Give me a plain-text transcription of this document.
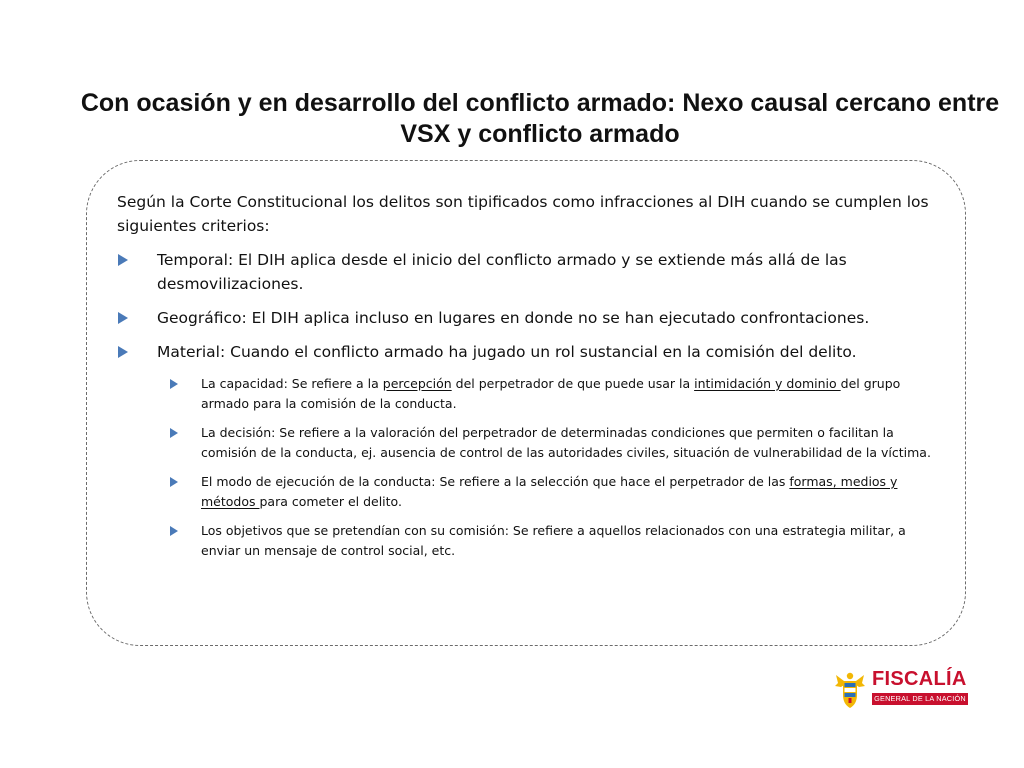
Con ocasión y en desarrollo del conflicto armado: Nexo causal cercano entre VSX y conflicto armado

Según la Corte Constitucional los delitos son tipificados como infracciones al DIH cuando se cumplen los siguientes criterios:

Temporal: El DIH aplica desde el inicio del conflicto armado y se extiende más allá de las desmovilizaciones.
Geográfico: El DIH aplica incluso en lugares en donde no se han ejecutado confrontaciones.
Material: Cuando el conflicto armado ha jugado un rol sustancial en la comisión del delito.
La capacidad: Se refiere a la percepción del perpetrador de que puede usar la intimidación y dominio del grupo armado para la comisión de la conducta.
La decisión: Se refiere a la valoración del perpetrador de determinadas condiciones que permiten o facilitan la comisión de la conducta, ej. ausencia de control de las autoridades civiles, situación de vulnerabilidad de la víctima.
El modo de ejecución de la conducta: Se refiere a la selección que hace el perpetrador de las formas, medios y métodos para cometer el delito.
Los objetivos que se pretendían con su comisión: Se refiere a aquellos relacionados con una estrategia militar, a enviar un mensaje de control social, etc.
FISCALÍA
GENERAL DE LA NACIÓN
